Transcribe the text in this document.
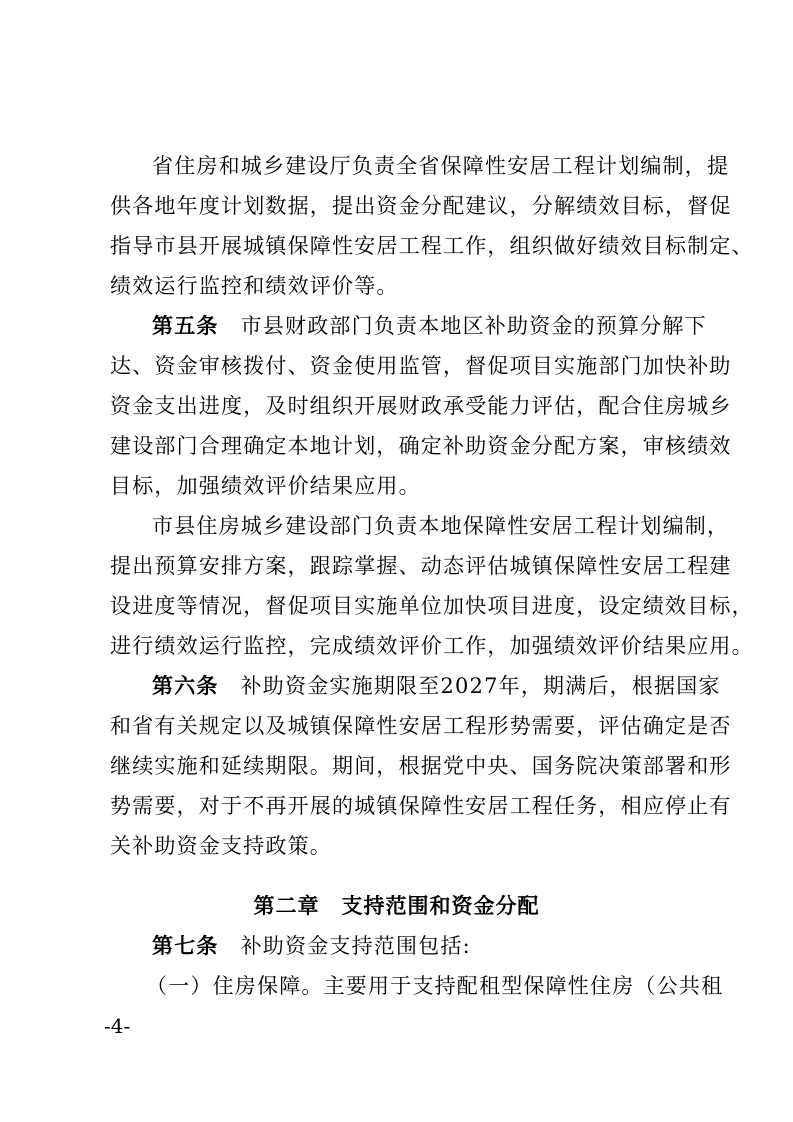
省住房和城乡建设厅负责全省保障性安居工程计划编制，提
供各地年度计划数据，提出资金分配建议，分解绩效目标，督促
指导市县开展城镇保障性安居工程工作，组织做好绩效目标制定、
绩效运行监控和绩效评价等。
第五条 市县财政部门负责本地区补助资金的预算分解下
达、资金审核拨付、资金使用监管，督促项目实施部门加快补助
资金支出进度，及时组织开展财政承受能力评估，配合住房城乡
建设部门合理确定本地计划，确定补助资金分配方案，审核绩效
目标，加强绩效评价结果应用。
市县住房城乡建设部门负责本地保障性安居工程计划编制，
提出预算安排方案，跟踪掌握、动态评估城镇保障性安居工程建
设进度等情况，督促项目实施单位加快项目进度，设定绩效目标，
进行绩效运行监控，完成绩效评价工作，加强绩效评价结果应用。
第六条 补助资金实施期限至2027年，期满后，根据国家
和省有关规定以及城镇保障性安居工程形势需要，评估确定是否
继续实施和延续期限。期间，根据党中央、国务院决策部署和形
势需要，对于不再开展的城镇保障性安居工程任务，相应停止有
关补助资金支持政策。
第二章　支持范围和资金分配
第七条 补助资金支持范围包括:
（一）住房保障。主要用于支持配租型保障性住房（公共租
-4-
